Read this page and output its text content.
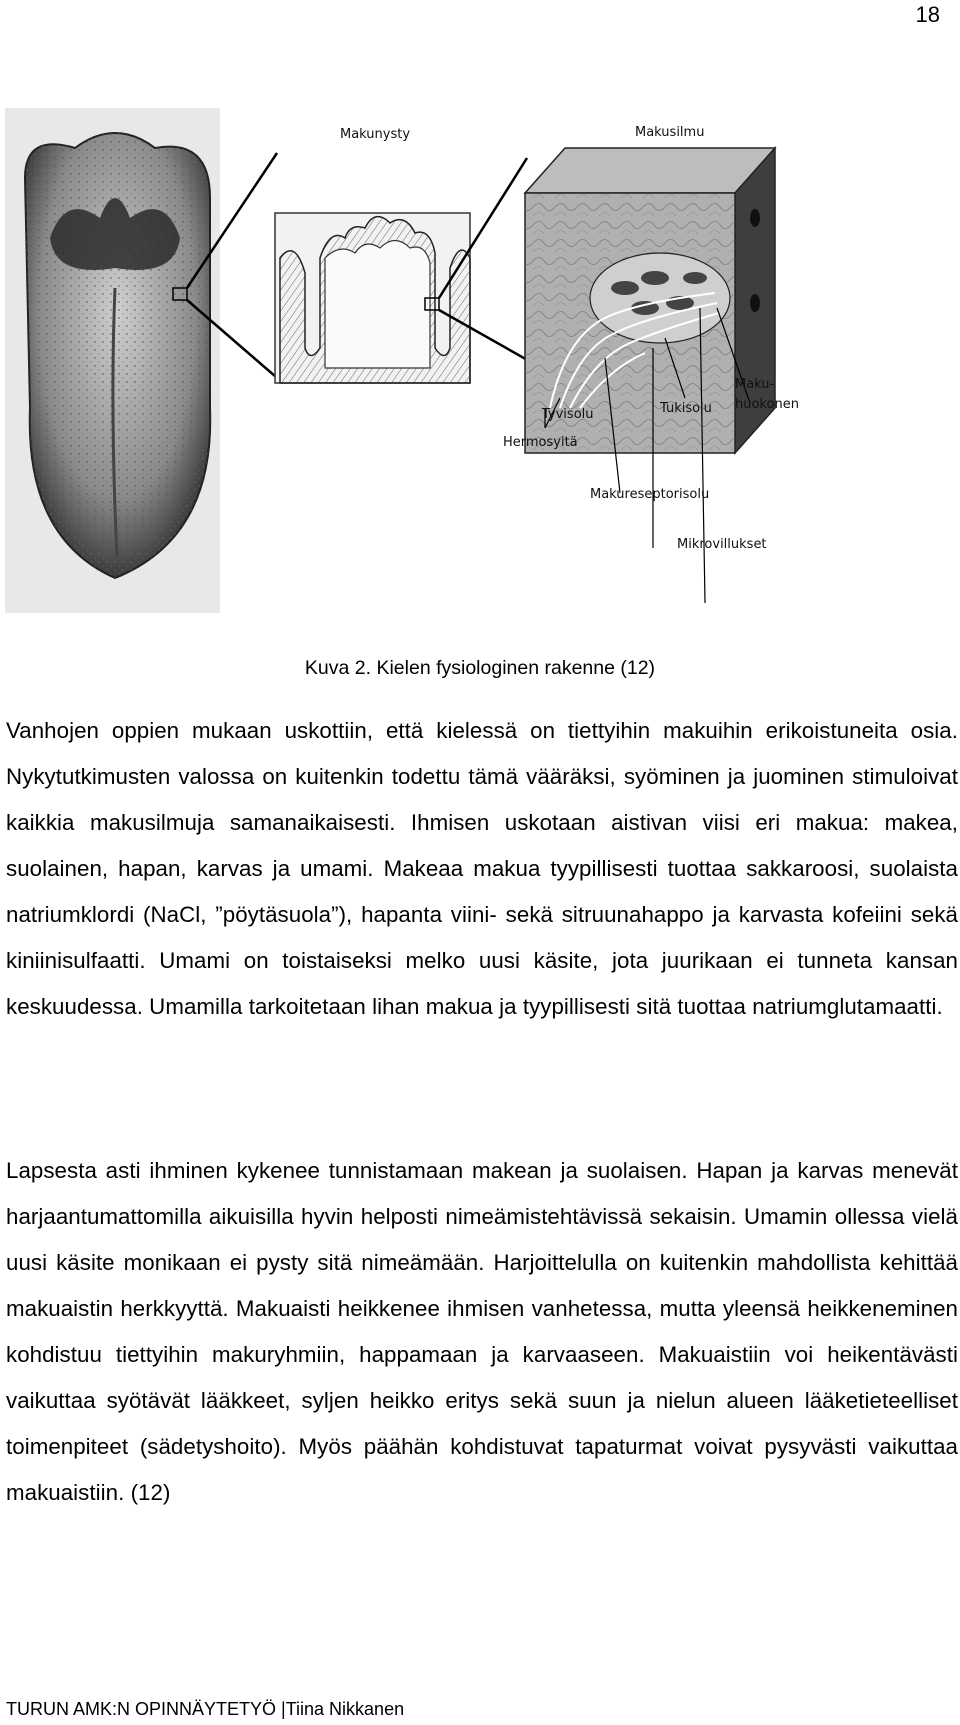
18
Makunysty	Makusilmu
Maku-
huokonen
Tyvisolu	Tukisolu
Hermosyitä
Makureseptorisolu
Mikrovillukset
Kuva 2. Kielen fysiologinen rakenne (12)

Vanhojen oppien mukaan uskottiin, että kielessä on tiettyihin makuihin erikoistuneita osia. Nykytutkimusten valossa on kuitenkin todettu tämä vääräksi, syöminen ja juominen stimuloivat kaikkia makusilmuja samanaikaisesti. Ihmisen uskotaan aistivan viisi eri makua: makea, suolainen, hapan, karvas ja umami. Makeaa makua tyypillisesti tuottaa sakkaroosi, suolaista natriumklordi (NaCl, ”pöytäsuola”), hapanta viini- sekä sitruunahappo ja karvasta kofeiini sekä kiniinisulfaatti. Umami on toistaiseksi melko uusi käsite, jota juurikaan ei tunneta kansan keskuudessa. Umamilla tarkoitetaan lihan makua ja tyypillisesti sitä tuottaa natriumglutamaatti.

Lapsesta asti ihminen kykenee tunnistamaan makean ja suolaisen. Hapan ja karvas menevät harjaantumattomilla aikuisilla hyvin helposti nimeämistehtävissä sekaisin. Umamin ollessa vielä uusi käsite monikaan ei pysty sitä nimeämään. Harjoittelulla on kuitenkin mahdollista kehittää makuaistin herkkyyttä. Makuaisti heikkenee ihmisen vanhetessa, mutta yleensä heikkeneminen kohdistuu tiettyihin makuryhmiin, happamaan ja karvaaseen. Makuaistiin voi heikentävästi vaikuttaa syötävät lääkkeet, syljen heikko eritys sekä suun ja nielun alueen lääketieteelliset toimenpiteet (sädetyshoito). Myös päähän kohdistuvat tapaturmat voivat pysyvästi vaikuttaa makuaistiin. (12)

TURUN AMK:N OPINNÄYTETYÖ |Tiina Nikkanen
